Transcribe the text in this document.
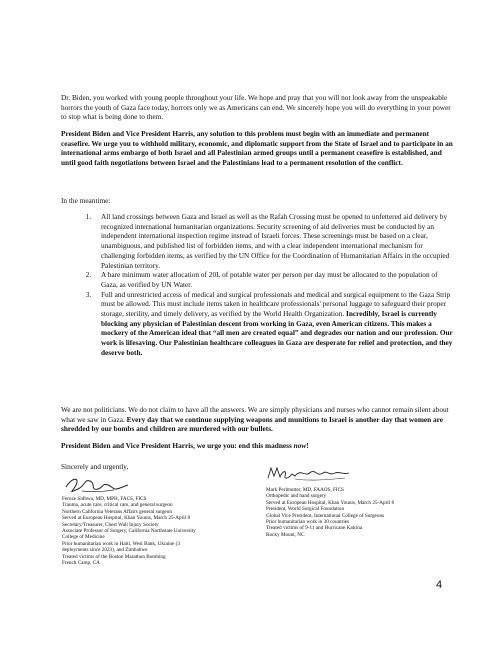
Dr. Biden, you worked with young people throughout your life. We hope and pray that you will not look away from the unspeakable horrors the youth of Gaza face today, horrors only we as Americans can end. We sincerely hope you will do everything in your power to stop what is being done to them.

President Biden and Vice President Harris, any solution to this problem must begin with an immediate and permanent ceasefire. We urge you to withhold military, economic, and diplomatic support from the State of Israel and to participate in an international arms embargo of both Israel and all Palestinian armed groups until a permanent ceasefire is established, and until good faith negotiations between Israel and the Palestinians lead to a permanent resolution of the conflict.

In the meantime:

1. All land crossings between Gaza and Israel as well as the Rafah Crossing must be opened to unfettered aid delivery by recognized international humanitarian organizations. Security screening of aid deliveries must be conducted by an independent international inspection regime instead of Israeli forces. These screenings must be based on a clear, unambiguous, and published list of forbidden items, and with a clear independent international mechanism for challenging forbidden items, as verified by the UN Office for the Coordination of Humanitarian Affairs in the occupied Palestinian territory.
2. A bare minimum water allocation of 20L of potable water per person per day must be allocated to the population of Gaza, as verified by UN Water.
3. Full and unrestricted access of medical and surgical professionals and medical and surgical equipment to the Gaza Strip must be allowed. This must include items taken in healthcare professionals' personal luggage to safeguard their proper storage, sterility, and timely delivery, as verified by the World Health Organization. Incredibly, Israel is currently blocking any physician of Palestinian descent from working in Gaza, even American citizens. This makes a mockery of the American ideal that “all men are created equal” and degrades our nation and our profession. Our work is lifesaving. Our Palestinian healthcare colleagues in Gaza are desperate for relief and protection, and they deserve both.

We are not politicians. We do not claim to have all the answers. We are simply physicians and nurses who cannot remain silent about what we saw in Gaza. Every day that we continue supplying weapons and munitions to Israel is another day that women are shredded by our bombs and children are murdered with our bullets.

President Biden and Vice President Harris, we urge you: end this madness now!

Sincerely and urgently,

Feroze Sidhwa, MD, MPH, FACS, FICS
Trauma, acute care, critical care, and general surgeon
Northern California Veterans Affairs general surgeon
Served at European Hospital, Khan Younis, March 25-April 8
Secretary/Treasurer, Chest Wall Injury Society
Associate Professor of Surgery, California Northstate University
College of Medicine
Prior humanitarian work in Haiti, West Bank, Ukraine (3
deployments since 2023), and Zimbabwe
Treated victims of the Boston Marathon Bombing
French Camp, CA
Mark Perlmutter, MD, FAAOS, FICS
Orthopedic and hand surgery
Served at European Hospital, Khan Younis, March 25-April 8
President, World Surgical Foundation
Global Vice President, International College of Surgeons
Prior humanitarian work in 30 countries
Treated victims of 9-11 and Hurricane Katrina
Rocky Mount, NC
4
